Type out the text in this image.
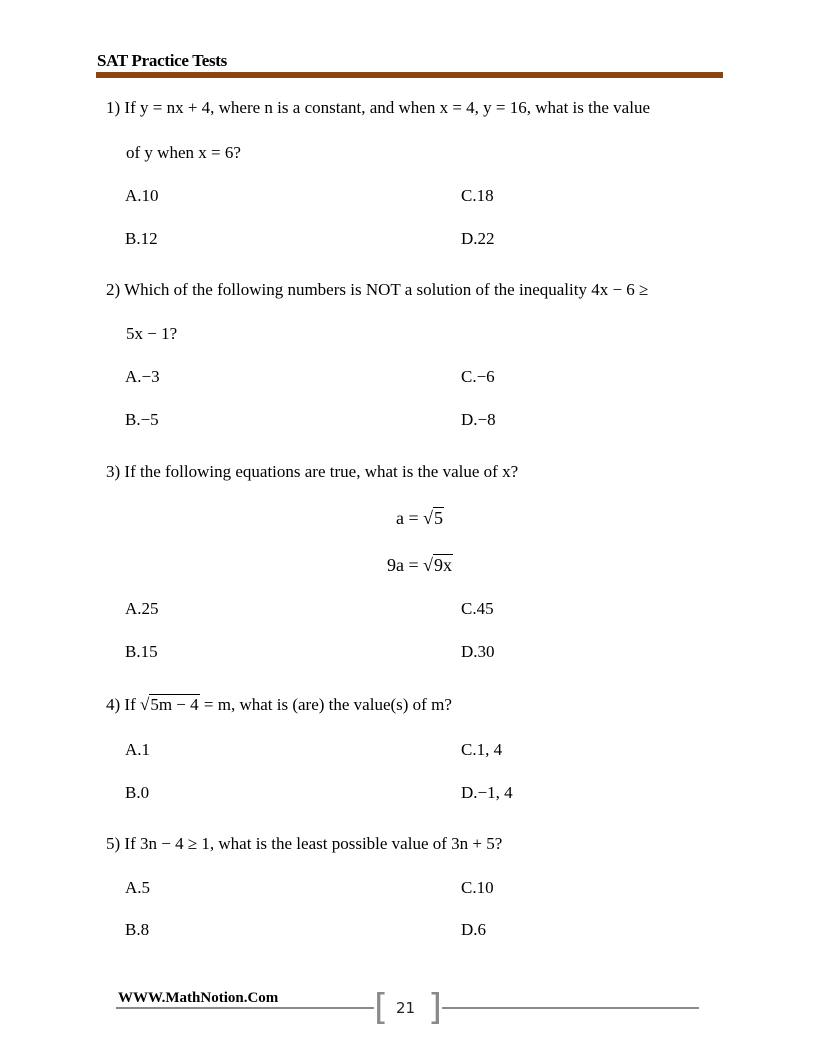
SAT Practice Tests
1) If y = nx + 4, where n is a constant, and when x = 4, y = 16, what is the value
of y when x = 6?
A.10	C.18
B.12	D.22
2) Which of the following numbers is NOT a solution of the inequality 4x − 6 ≥
5x − 1?
A.−3	C.−6
B.−5	D.−8
3) If the following equations are true, what is the value of x?
a = √5
9a = √9x
A.25	C.45
B.15	D.30
4) If √5m − 4 = m, what is (are) the value(s) of m?
A.1	C.1, 4
B.0	D.−1, 4
5) If 3n − 4 ≥ 1, what is the least possible value of 3n + 5?
A.5	C.10
B.8	D.6
WWW.MathNotion.Com	[ 21 ]
